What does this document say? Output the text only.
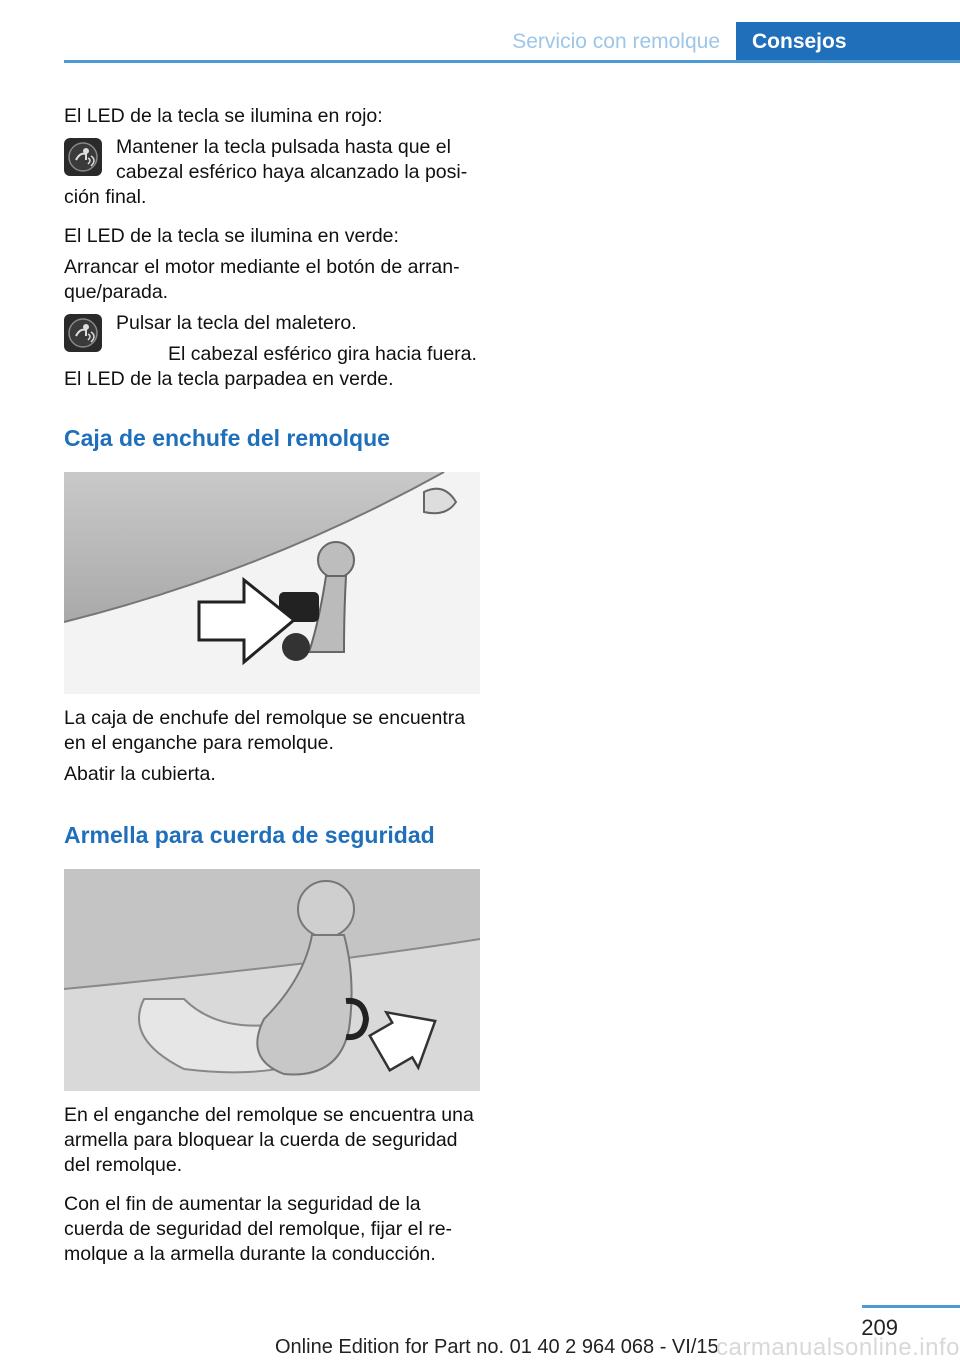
Servicio con remolque	Consejos

El LED de la tecla se ilumina en rojo:

Mantener la tecla pulsada hasta que el cabezal esférico haya alcanzado la posi‐ción final.

El LED de la tecla se ilumina en verde:

Arrancar el motor mediante el botón de arran‐que/parada.

Pulsar la tecla del maletero.

El cabezal esférico gira hacia fuera. El LED de la tecla parpadea en verde.

Caja de enchufe del remolque

La caja de enchufe del remolque se encuentra en el enganche para remolque.

Abatir la cubierta.

Armella para cuerda de seguridad

En el enganche del remolque se encuentra una armella para bloquear la cuerda de seguridad del remolque.

Con el fin de aumentar la seguridad de la cuerda de seguridad del remolque, fijar el re‐molque a la armella durante la conducción.

209
Online Edition for Part no. 01 40 2 964 068 - VI/15
carmanualsonline.info
